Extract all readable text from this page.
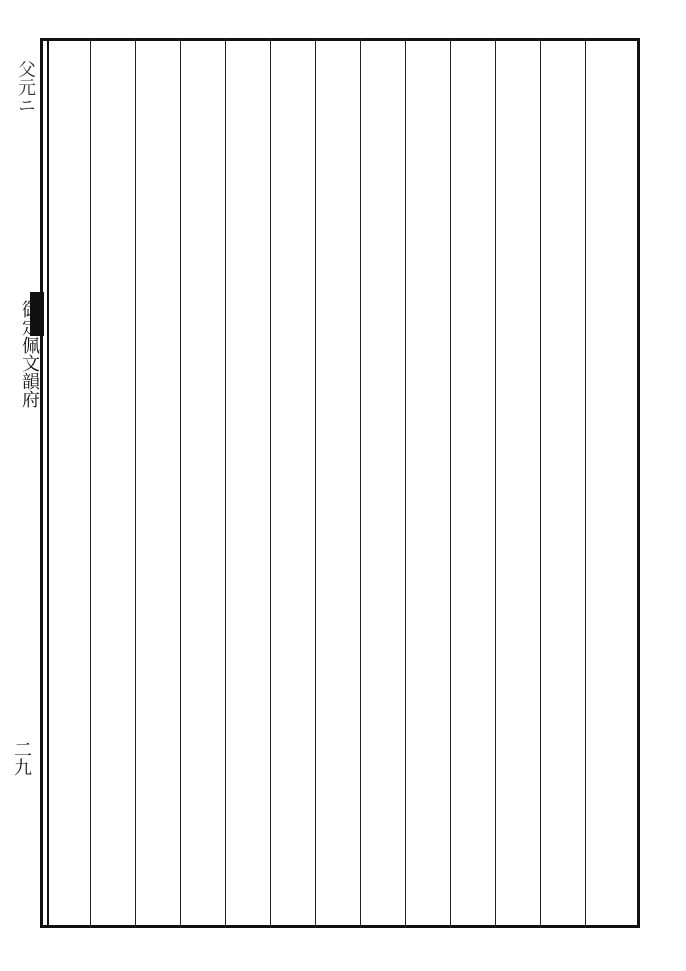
父元ニ
御定佩文韻府
二九
